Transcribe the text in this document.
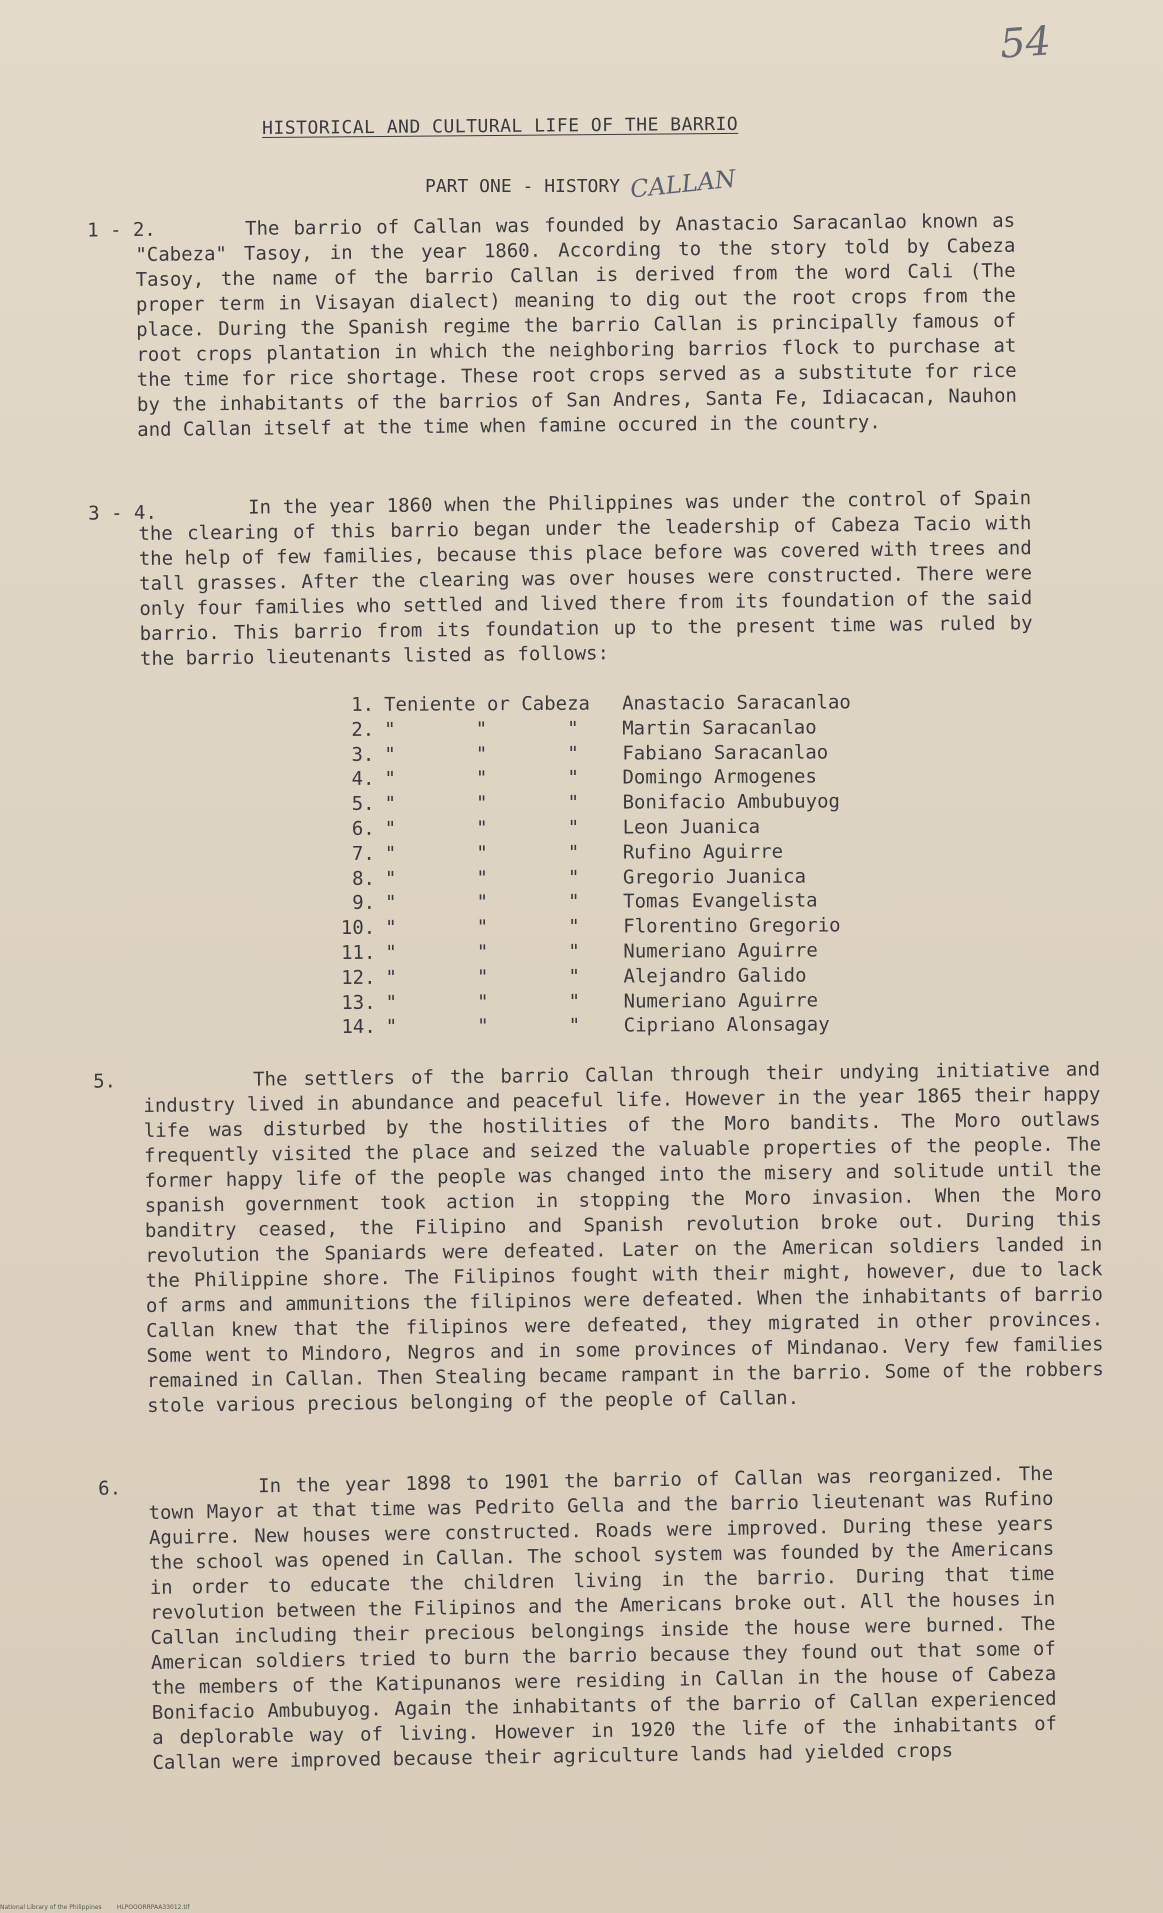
54
HISTORICAL AND CULTURAL LIFE OF THE BARRIO
PART ONE - HISTORY CALLAN
1 - 2.	The barrio of Callan was founded by Anastacio Saracanlao known as "Cabeza" Tasoy, in the year 1860. According to the story told by Cabeza Tasoy, the name of the barrio Callan is derived from the word Cali (The proper term in Visayan dialect) meaning to dig out the root crops from the place. During the Spanish regime the barrio Callan is principally famous of root crops plantation in which the neighboring barrios flock to purchase at the time for rice shortage. These root crops served as a substitute for rice by the inhabitants of the barrios of San Andres, Santa Fe, Idiacacan, Nauhon and Callan itself at the time when famine occured in the country.
3 - 4.	In the year 1860 when the Philippines was under the control of Spain the clearing of this barrio began under the leadership of Cabeza Tacio with the help of few families, because this place before was covered with trees and tall grasses. After the clearing was over houses were constructed. There were only four families who settled and lived there from its foundation of the said barrio. This barrio from its foundation up to the present time was ruled by the barrio lieutenants listed as follows:
1. Teniente or Cabeza	Anastacio Saracanlao
2. "       "       "	Martin Saracanlao
3. "       "       "	Fabiano Saracanlao
4. "       "       "	Domingo Armogenes
5. "       "       "	Bonifacio Ambubuyog
6. "       "       "	Leon Juanica
7. "       "       "	Rufino Aguirre
8. "       "       "	Gregorio Juanica
9. "       "       "	Tomas Evangelista
10. "       "       "	Florentino Gregorio
11. "       "       "	Numeriano Aguirre
12. "       "       "	Alejandro Galido
13. "       "       "	Numeriano Aguirre
14. "       "       "	Cipriano Alonsagay
5.	The settlers of the barrio Callan through their undying initiative and industry lived in abundance and peaceful life. However in the year 1865 their happy life was disturbed by the hostilities of the Moro bandits. The Moro outlaws frequently visited the place and seized the valuable properties of the people. The former happy life of the people was changed into the misery and solitude until the spanish government took action in stopping the Moro invasion. When the Moro banditry ceased, the Filipino and Spanish revolution broke out. During this revolution the Spaniards were defeated. Later on the American soldiers landed in the Philippine shore. The Filipinos fought with their might, however, due to lack of arms and ammunitions the filipinos were defeated. When the inhabitants of barrio Callan knew that the filipinos were defeated, they migrated in other provinces. Some went to Mindoro, Negros and in some provinces of Mindanao. Very few families remained in Callan. Then Stealing became rampant in the barrio. Some of the robbers stole various precious belonging of the people of Callan.
6.	In the year 1898 to 1901 the barrio of Callan was reorganized. The town Mayor at that time was Pedrito Gella and the barrio lieutenant was Rufino Aguirre. New houses were constructed. Roads were improved. During these years the school was opened in Callan. The school system was founded by the Americans in order to educate the children living in the barrio. During that time revolution between the Filipinos and the Americans broke out. All the houses in Callan including their precious belongings inside the house were burned. The American soldiers tried to burn the barrio because they found out that some of the members of the Katipunanos were residing in Callan in the house of Cabeza Bonifacio Ambubuyog. Again the inhabitants of the barrio of Callan experienced a deplorable way of living. However in 1920 the life of the inhabitants of Callan were improved because their agriculture lands had yielded crops
National Library of the Philippines        HLPOOORRPAA33012.tif
